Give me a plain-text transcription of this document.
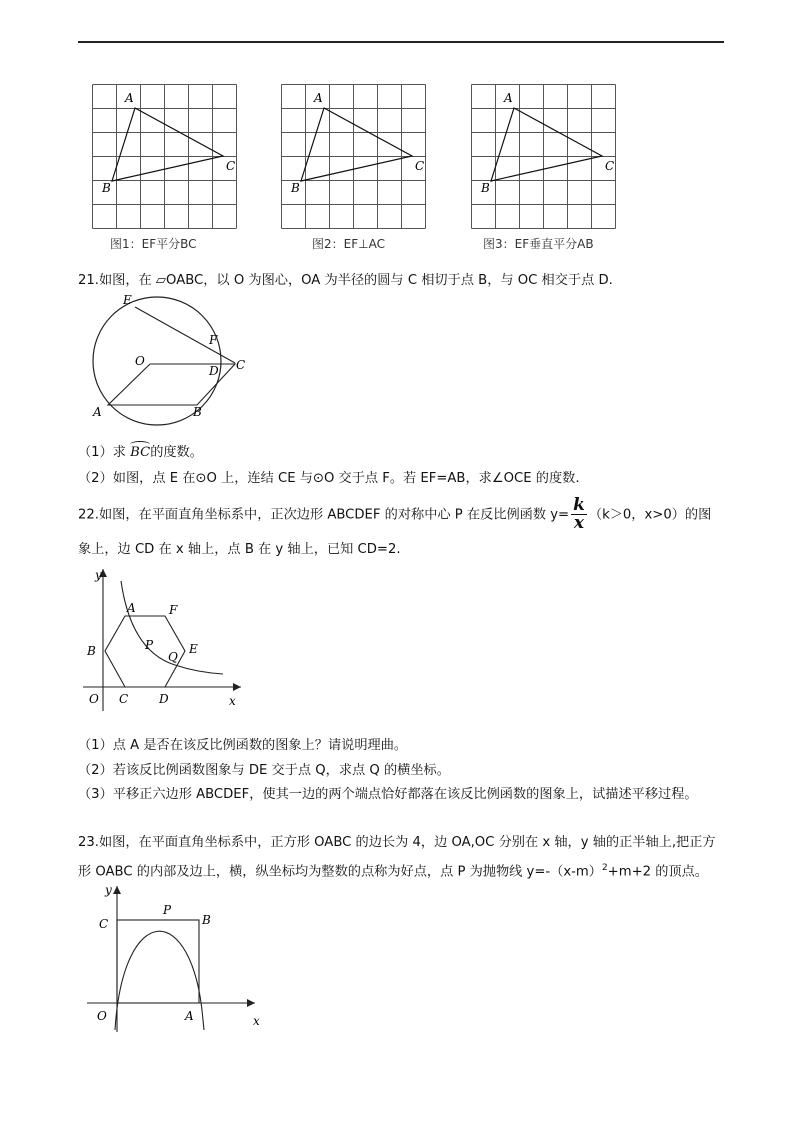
A
B
C
图1：EF平分BC
A
B
C
图2：EF⊥AC
A
B
C
图3：EF垂直平分AB
21.如图，在 ▱OABC，以 O 为图心，OA 为半径的圆与 C 相切于点 B，与 OC 相交于点 D.
E
F
O	C
D
A	B
（1）求 BC的度数。
（2）如图，点 E 在⊙O 上，连结 CE 与⊙O 交于点 F。若 EF=AB，求∠OCE 的度数.
22.如图，在平面直角坐标系中，正次边形 ABCDEF 的对称中心 P 在反比例函数 $y= \frac{k}{x} (k>0$，x>0）的图
象上，边 CD 在 x 轴上，点 B 在 y 轴上，已知 CD=2.
y
A	F
B	P
Q
E
O C	D	x
（1）点 A 是否在该反比例函数的图象上？请说明理曲。
（2）若该反比例函数图象与 DE 交于点 Q，求点 Q 的横坐标。
（3）平移正六边形 ABCDEF，使其一边的两个端点恰好都落在该反比例函数的图象上，试描述平移过程。
23.如图，在平面直角坐标系中，正方形 OABC 的边长为 4，边 OA,OC 分别在 x 轴，y 轴的正半轴上,把正方
形 OABC 的内部及边上，横，纵坐标均为整数的点称为好点，点 P 为抛物线 $y=-(x-m)^2+m+2$ 的顶点。
y
P
C	B
O	A	x
